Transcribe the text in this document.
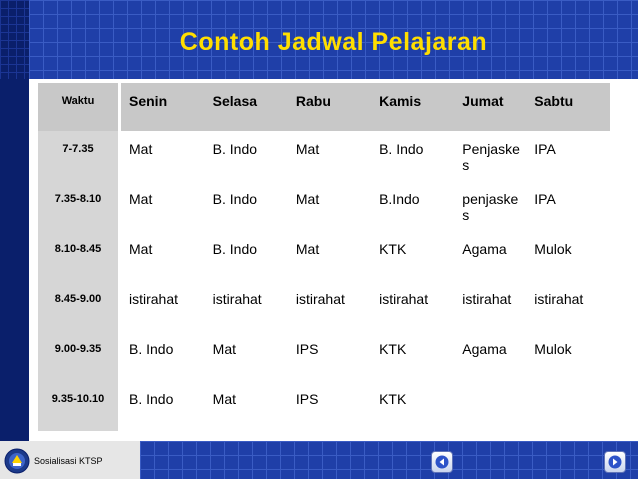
Contoh Jadwal Pelajaran
Waktu	Senin	Selasa	Rabu	Kamis	Jumat	Sabtu

7-7.35	Mat	B. Indo	Mat	B. Indo	Penjaskes	IPA

7.35-8.10	Mat	B. Indo	Mat	B.Indo	penjaskes	IPA

8.10-8.45	Mat	B. Indo	Mat	KTK	Agama	Mulok

8.45-9.00	istirahat	istirahat	istirahat	istirahat	istirahat	istirahat

9.00-9.35	B. Indo	Mat	IPS	KTK	Agama	Mulok

9.35-10.10	B. Indo	Mat	IPS	KTK		

Sosialisasi KTSP
